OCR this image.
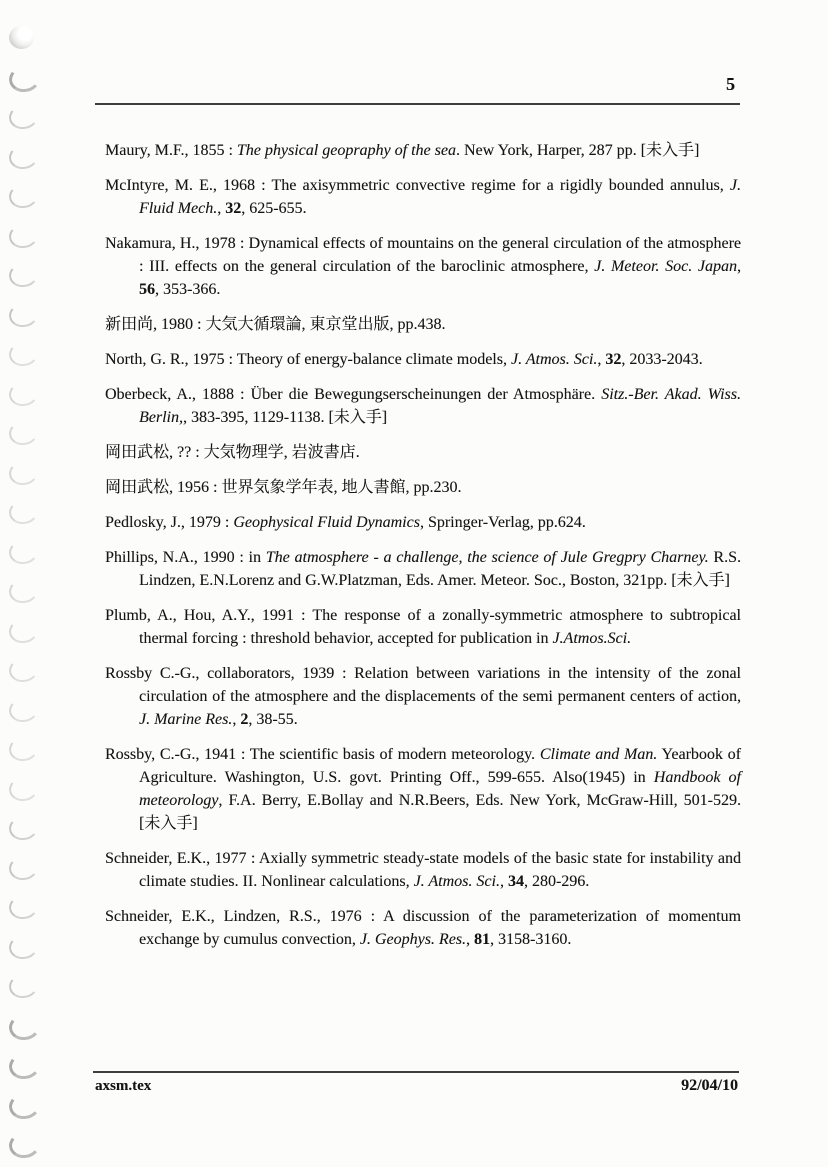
5

Maury, M.F., 1855 : The physical geopraphy of the sea. New York, Harper, 287 pp. [未入手]

McIntyre, M. E., 1968 : The axisymmetric convective regime for a rigidly bounded annulus, J. Fluid Mech., 32, 625-655.

Nakamura, H., 1978 : Dynamical effects of mountains on the general circulation of the atmosphere : III. effects on the general circulation of the baroclinic atmosphere, J. Meteor. Soc. Japan, 56, 353-366.

新田尚, 1980 : 大気大循環論, 東京堂出版, pp.438.

North, G. R., 1975 : Theory of energy-balance climate models, J. Atmos. Sci., 32, 2033-2043.

Oberbeck, A., 1888 : Über die Bewegungserscheinungen der Atmosphäre. Sitz.-Ber. Akad. Wiss. Berlin,, 383-395, 1129-1138. [未入手]

岡田武松, ?? : 大気物理学, 岩波書店.

岡田武松, 1956 : 世界気象学年表, 地人書館, pp.230.

Pedlosky, J., 1979 : Geophysical Fluid Dynamics, Springer-Verlag, pp.624.

Phillips, N.A., 1990 : in The atmosphere - a challenge, the science of Jule Gregpry Charney. R.S. Lindzen, E.N.Lorenz and G.W.Platzman, Eds. Amer. Meteor. Soc., Boston, 321pp. [未入手]

Plumb, A., Hou, A.Y., 1991 : The response of a zonally-symmetric atmosphere to subtropical thermal forcing : threshold behavior, accepted for publication in J.Atmos.Sci.

Rossby C.-G., collaborators, 1939 : Relation between variations in the intensity of the zonal circulation of the atmosphere and the displacements of the semi permanent centers of action, J. Marine Res., 2, 38-55.

Rossby, C.-G., 1941 : The scientific basis of modern meteorology. Climate and Man. Yearbook of Agriculture. Washington, U.S. govt. Printing Off., 599-655. Also(1945) in Handbook of meteorology, F.A. Berry, E.Bollay and N.R.Beers, Eds. New York, McGraw-Hill, 501-529. [未入手]

Schneider, E.K., 1977 : Axially symmetric steady-state models of the basic state for instability and climate studies. II. Nonlinear calculations, J. Atmos. Sci., 34, 280-296.

Schneider, E.K., Lindzen, R.S., 1976 : A discussion of the parameterization of momentum exchange by cumulus convection, J. Geophys. Res., 81, 3158-3160.

axsm.tex	92/04/10
